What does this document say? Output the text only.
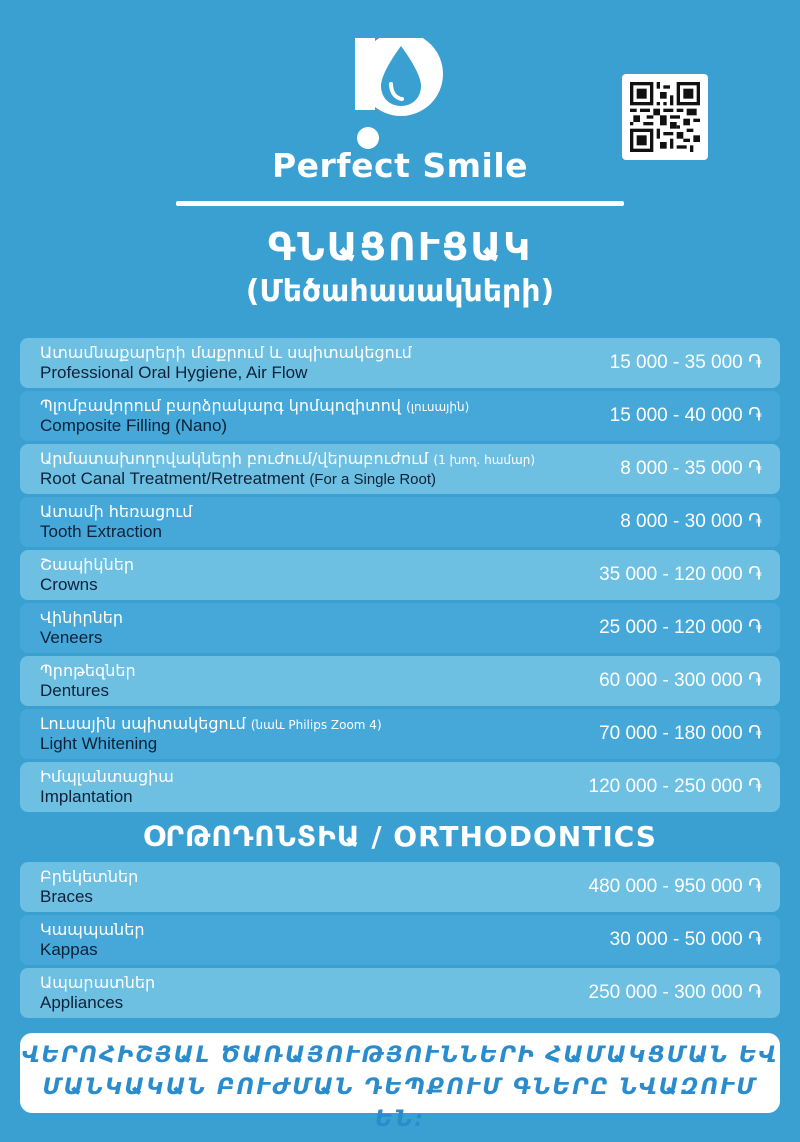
Perfect Smile
ԳՆԱՑՈՒՑԱԿ
(Մեծահասակների)
Ատամնաքարերի մաքրում և սպիտակեցում
Professional Oral Hygiene, Air Flow	15 000 - 35 000 ֏
Պլոմբավորում բարձրակարգ կոմպոզիտով (լուսային)
Composite Filling (Nano)	15 000 - 40 000 ֏
Արմատախողովակների բուժում/վերաբուժում (1 խող. համար)
Root Canal Treatment/Retreatment (For a Single Root)
8 000 - 35 000 ֏
Ատամի հեռացում
Tooth Extraction	8 000 - 30 000 ֏
Շապիկներ
Crowns	35 000 - 120 000 ֏
Վինիրներ
Veneers	25 000 - 120 000 ֏
Պրոթեզներ
Dentures	60 000 - 300 000 ֏
Լուսային սպիտակեցում (նաև Philips Zoom 4)
Light Whitening	70 000 - 180 000 ֏
Իմպլանտացիա
Implantation	120 000 - 250 000 ֏
ՕՐԹՈԴՈՆՏԻԱ / ORTHODONTICS
Բրեկետներ
Braces	480 000 - 950 000 ֏
Կապպաներ
Kappas	30 000 - 50 000 ֏
Ապարատներ
Appliances	250 000 - 300 000 ֏
ՎԵՐՈՀԻՇՅԱԼ ԾԱՌԱՅՈՒԹՅՈՒՆՆԵՐԻ ՀԱՄԱԿՑՄԱՆ ԵՎ
ՄԱՆԿԱԿԱՆ ԲՈՒԺՄԱՆ ԴԵՊՔՈՒՄ ԳՆԵՐԸ ՆՎԱԶՈՒՄ ԵՆ:
